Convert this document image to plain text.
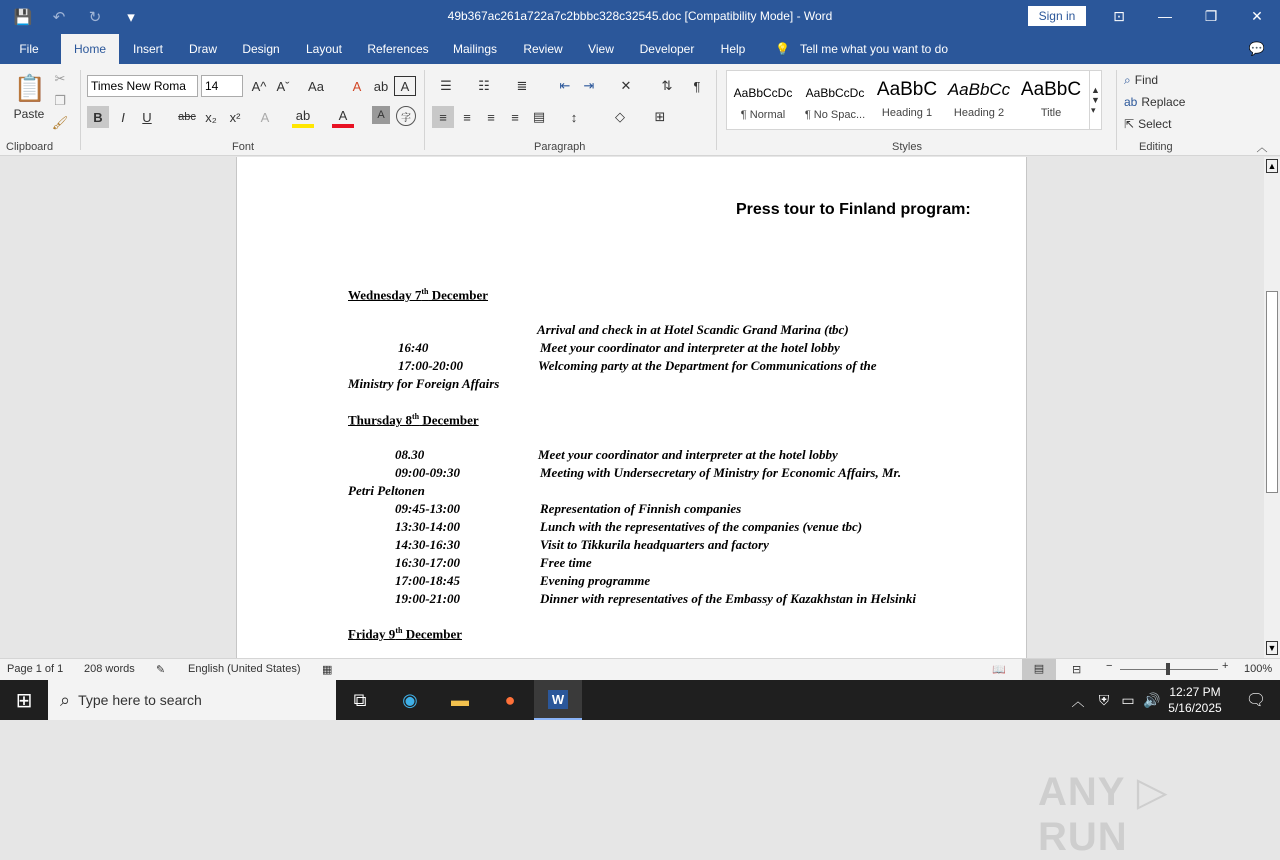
💾	↶	↻	▾	49b367ac261a722a7c2bbbc328c32545.doc [Compatibility Mode] - Word	Sign in	⊡	—	❐	✕
File	Home	Insert	Draw	Design	Layout	References	Mailings	Review	View	Developer	Help	💡 Tell me what you want to do	💬
📋
Paste
✂
❐
🖌
Clipboard
Times New Roma	14	A^ Aˇ	Aa	A ab A
B	I	U	abc x₂ x²	A	ab	A	A	字
Font
☰	☷	≣	⇤	⇥	✕	⇅	¶
≡	≡	≡	≡	▤	↕	◇	⊞
Paragraph
AaBbCcDc
¶ Normal
AaBbCcDc
¶ No Spac...
AaBbC
Heading 1
AaBbCc
Heading 2
AaBbC
Title
▲
▼
▾
Styles
⌕ Find
ab Replace
⇱ Select
Editing	︿
Press tour to Finland program:
Wednesday 7th December
Arrival and check in at Hotel Scandic Grand Marina (tbc)
16:40	Meet your coordinator and interpreter at the hotel lobby
17:00-20:00	Welcoming party at the Department for Communications of the
Ministry for Foreign Affairs
Thursday 8th December
08.30	Meet your coordinator and interpreter at the hotel lobby
09:00-09:30	Meeting with Undersecretary of Ministry for Economic Affairs, Mr.
Petri Peltonen
09:45-13:00	Representation of Finnish companies
13:30-14:00	Lunch with the representatives of the companies (venue tbc)
14:30-16:30	Visit to Tikkurila headquarters and factory
16:30-17:00	Free time
17:00-18:45	Evening programme
19:00-21:00	Dinner with representatives of the Embassy of Kazakhstan in Helsinki
Friday 9th December
ANY ▷ RUN
▲
▼
Page 1 of 1 208 words ✎ English (United States) ▦	📖	▤	⊟ −	+ 100%
⊞	⌕ Type here to search	⧉	◉	▬	●	W	︿	⛨ ▭ 🔊 12:27 PM
5/16/2025	🗨
